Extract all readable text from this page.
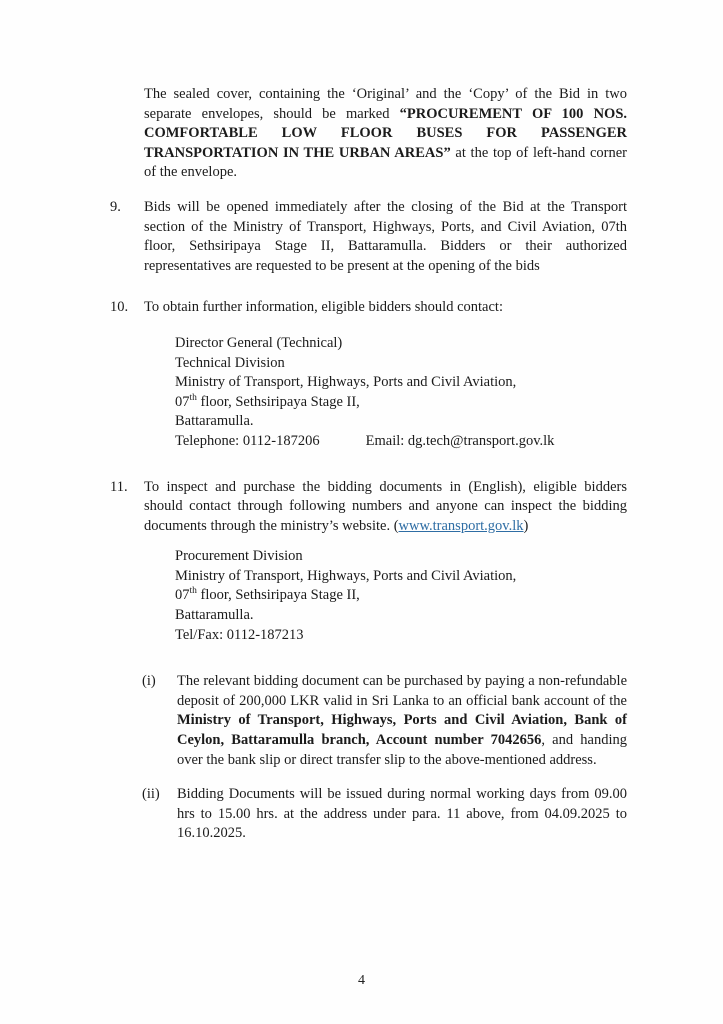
The sealed cover, containing the ‘Original’ and the ‘Copy’ of the Bid in two separate envelopes, should be marked “PROCUREMENT OF 100 NOS. COMFORTABLE LOW FLOOR BUSES FOR PASSENGER TRANSPORTATION IN THE URBAN AREAS” at the top of left-hand corner of the envelope.

9.	Bids will be opened immediately after the closing of the Bid at the Transport section of the Ministry of Transport, Highways, Ports, and Civil Aviation, 07th floor, Sethsiripaya Stage II, Battaramulla. Bidders or their authorized representatives are requested to be present at the opening of the bids
10.	To obtain further information, eligible bidders should contact:
Director General (Technical)
Technical Division
Ministry of Transport, Highways, Ports and Civil Aviation,
07th floor, Sethsiripaya Stage II,
Battaramulla.
Telephone: 0112-187206	Email: dg.tech@transport.gov.lk
11.	To inspect and purchase the bidding documents in (English), eligible bidders should contact through following numbers and anyone can inspect the bidding documents through the ministry’s website. (www.transport.gov.lk)
Procurement Division
Ministry of Transport, Highways, Ports and Civil Aviation,
07th floor, Sethsiripaya Stage II,
Battaramulla.
Tel/Fax: 0112-187213
(i)	The relevant bidding document can be purchased by paying a non-refundable deposit of 200,000 LKR valid in Sri Lanka to an official bank account of the Ministry of Transport, Highways, Ports and Civil Aviation, Bank of Ceylon, Battaramulla branch, Account number 7042656, and handing over the bank slip or direct transfer slip to the above-mentioned address.
(ii)	Bidding Documents will be issued during normal working days from 09.00 hrs to 15.00 hrs. at the address under para. 11 above, from 04.09.2025 to 16.10.2025.
4
